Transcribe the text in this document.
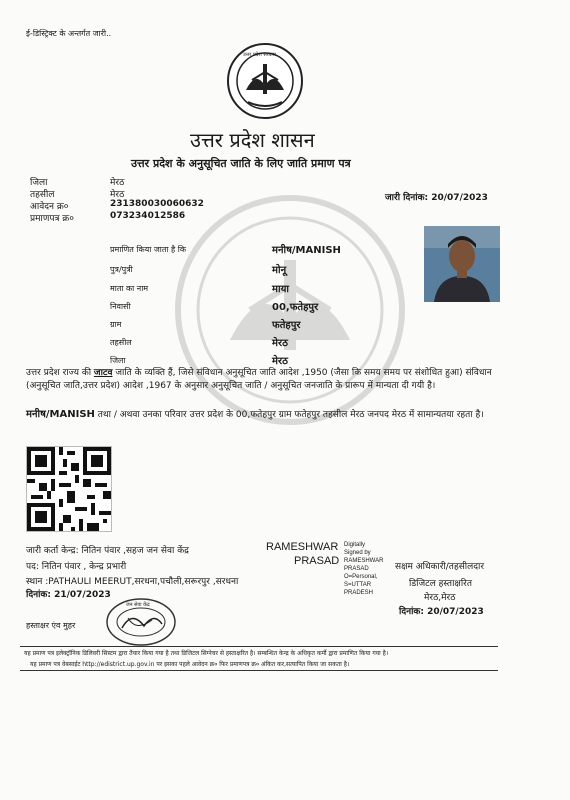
ई-डिस्ट्रिक्ट के अन्तर्गत जारी..
उत्तर प्रदेश सरकार
उत्तर प्रदेश शासन
उत्तर प्रदेश के अनुसूचित जाति के लिए जाति प्रमाण पत्र
जिला	मेरठ
तहसील	मेरठ
आवेदन क्र०	231380030060632
प्रमाणपत्र क्र०	073234012586
जारी दिनांक: 20/07/2023
प्रमाणित किया जाता है कि	मनीष/MANISH
पुत्र/पुत्री	मोनू
माता का नाम	माया
निवासी	00,फतेहपुर
ग्राम	फतेहपुर
तहसील	मेरठ
जिला	मेरठ
उत्तर प्रदेश राज्य की जाटव जाति के व्यक्ति हैं, जिसे संविधान अनुसूचित जाति आदेश ,1950 (जैसा कि समय समय पर संशोधित हुआ) संविधान (अनुसूचित जाति,उत्तर प्रदेश) आदेश ,1967 के अनुसार अनुसूचित जाति / अनुसूचित जनजाति के प्रारूप में मान्यता दी गयी है।
मनीष/MANISH तथा / अथवा उनका परिवार उत्तर प्रदेश के 00,फतेहपुर ग्राम फतेहपुर तहसील मेरठ जनपद मेरठ में सामान्यतया रहता है।
जारी कर्ता केन्द्र: नितिन पंवार ,सहज जन सेवा केंद्र
पद: नितिन पंवार , केन्द्र प्रभारी
स्थान :PATHAULI MEERUT,सरधना,पचौली,सरूरपुर ,सरधना
दिनांक: 21/07/2023
हस्ताक्षर एंव मुहर
RAMESHWAR
PRASAD
Digitally
Signed by
RAMESHWAR
PRASAD
O=Personal,
S=UTTAR
PRADESH
सक्षम अधिकारी/तहसीलदार
डिजिटल हस्ताक्षरित
मेरठ,मेरठ
दिनांक: 20/07/2023
जन सेवा केंद्र
यह प्रमाण पत्र इलेक्ट्रॉनिक डिलिवरी सिस्टम द्वारा तैयार किया गया है तथा डिजिटल सिग्नेचर से हस्ताक्षरित है। सम्बन्धित केन्द्र के अधिकृत कर्मी द्वारा प्रमाणित किया गया है।
यह प्रमाण पत्र वेबसाईट http://edistrict.up.gov.in पर इसका पहले आवेदन क्र० फिर प्रमाणपत्र क्र० अंकित कर,सत्यापित किया जा सकता है।
